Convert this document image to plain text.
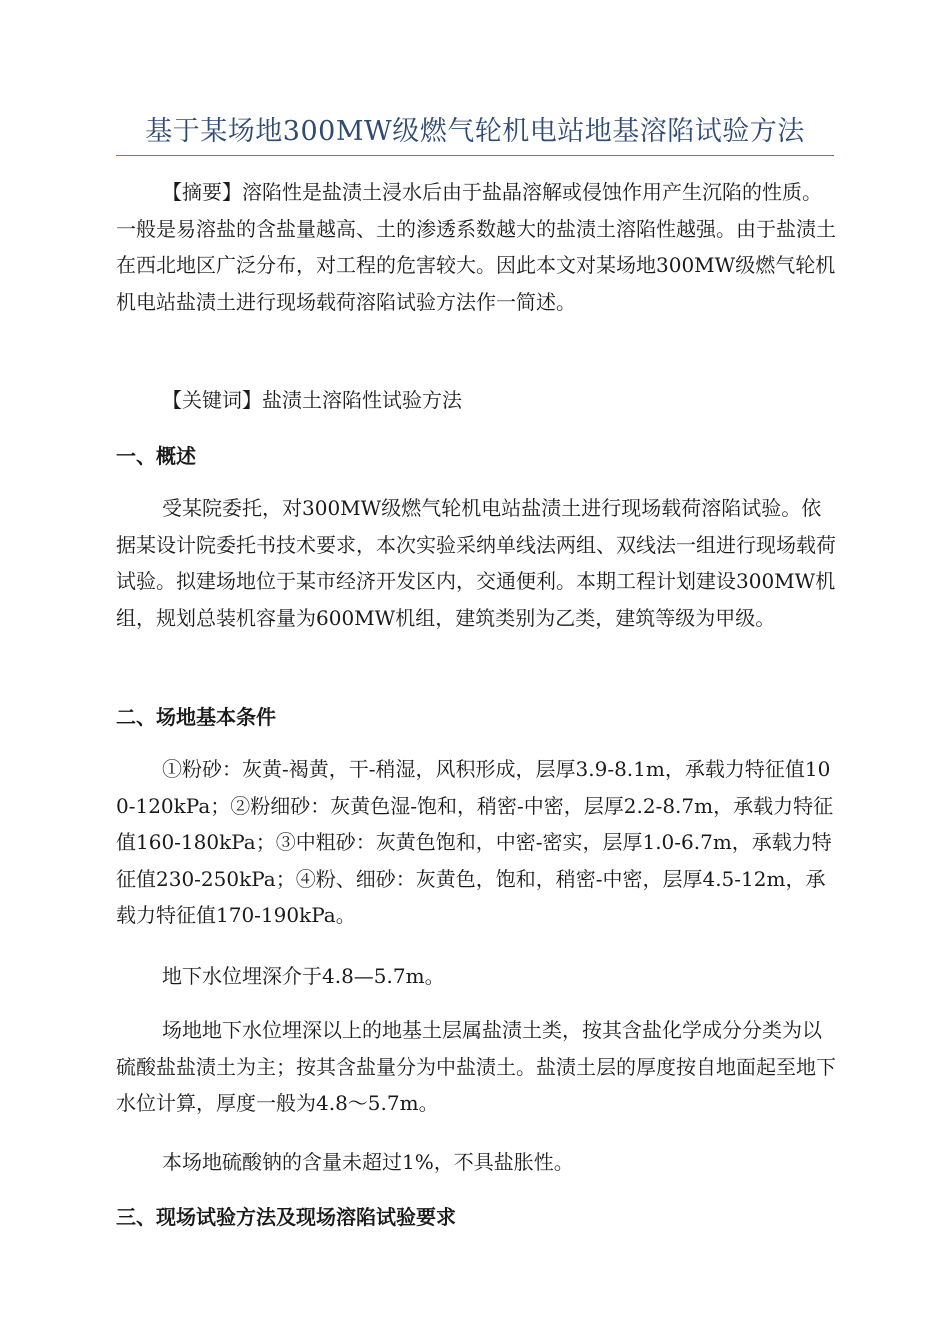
基于某场地300MW级燃气轮机电站地基溶陷试验方法

【摘要】溶陷性是盐渍土浸水后由于盐晶溶解或侵蚀作用产生沉陷的性质。一般是易溶盐的含盐量越高、土的渗透系数越大的盐渍土溶陷性越强。由于盐渍土在西北地区广泛分布，对工程的危害较大。因此本文对某场地300MW级燃气轮机机电站盐渍土进行现场载荷溶陷试验方法作一简述。

【关键词】盐渍土溶陷性试验方法

一、概述

受某院委托，对300MW级燃气轮机电站盐渍土进行现场载荷溶陷试验。依据某设计院委托书技术要求，本次实验采纳单线法两组、双线法一组进行现场载荷试验。拟建场地位于某市经济开发区内，交通便利。本期工程计划建设300MW机组，规划总装机容量为600MW机组，建筑类别为乙类，建筑等级为甲级。

二、场地基本条件

①粉砂：灰黄-褐黄，干-稍湿，风积形成，层厚3.9-8.1m，承载力特征值100-120kPa；②粉细砂：灰黄色湿-饱和，稍密-中密，层厚2.2-8.7m，承载力特征值160-180kPa；③中粗砂：灰黄色饱和，中密-密实，层厚1.0-6.7m，承载力特征值230-250kPa；④粉、细砂：灰黄色，饱和，稍密-中密，层厚4.5-12m，承载力特征值170-190kPa。

地下水位埋深介于4.8—5.7m。

场地地下水位埋深以上的地基土层属盐渍土类，按其含盐化学成分分类为以硫酸盐盐渍土为主；按其含盐量分为中盐渍土。盐渍土层的厚度按自地面起至地下水位计算，厚度一般为4.8～5.7m。

本场地硫酸钠的含量未超过1%，不具盐胀性。

三、现场试验方法及现场溶陷试验要求
